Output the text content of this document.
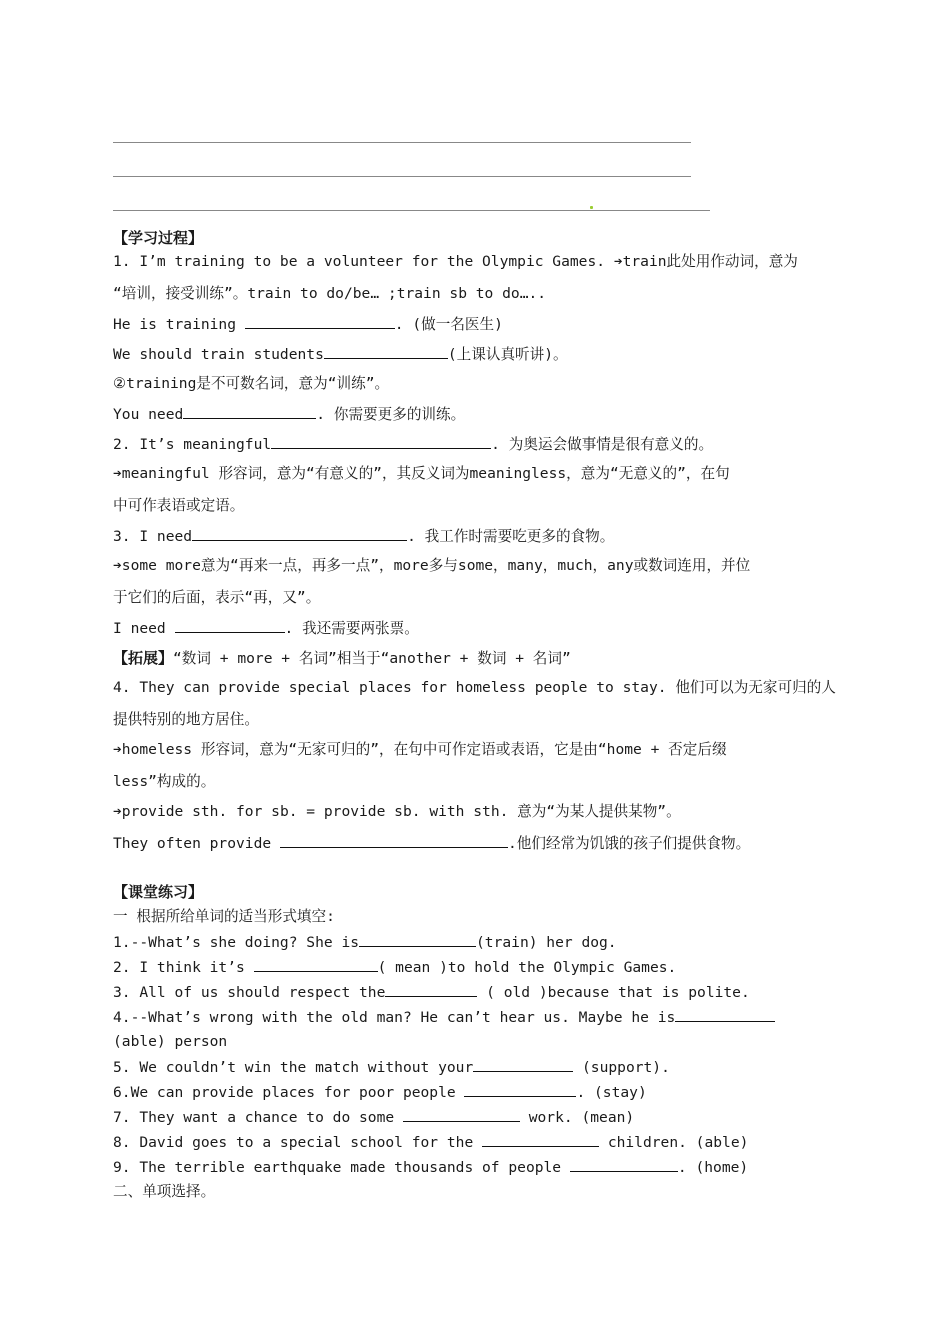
【学习过程】
1. I’m training to be a volunteer for the Olympic Games. ➔train此处用作动词，意为
“培训，接受训练”。train to do/be… ;train sb to do…..
He is training	. (做一名医生)
We should train students	(上课认真听讲)。
②training是不可数名词，意为“训练”。
You need	. 你需要更多的训练。
2. It’s meaningful	. 为奥运会做事情是很有意义的。
➔meaningful 形容词，意为“有意义的”，其反义词为meaningless，意为“无意义的”，在句
中可作表语或定语。
3. I need	. 我工作时需要吃更多的食物。
➔some more意为“再来一点，再多一点”，more多与some，many，much，any或数词连用，并位
于它们的后面，表示“再，又”。
I need	. 我还需要两张票。
【拓展】“数词 + more + 名词”相当于“another + 数词 + 名词”
4. They can provide special places for homeless people to stay. 他们可以为无家可归的人
提供特别的地方居住。
➔homeless 形容词，意为“无家可归的”，在句中可作定语或表语，它是由“home + 否定后缀
less”构成的。
➔provide sth. for sb. = provide sb. with sth. 意为“为某人提供某物”。
They often provide	.他们经常为饥饿的孩子们提供食物。
【课堂练习】
一 根据所给单词的适当形式填空:
1.--What’s she doing? She is	(train) her dog.
2. I think it’s	( mean )to hold the Olympic Games.
3. All of us should respect the	( old )because that is polite.
4.--What’s wrong with the old man? He can’t hear us. Maybe he is
(able) person
5. We couldn’t win the match without your	(support).
6.We can provide places for poor people	. (stay)
7. They want a chance to do some	work. (mean)
8. David goes to a special school for the	children. (able)
9. The terrible earthquake made thousands of people	. (home)
二、单项选择。
